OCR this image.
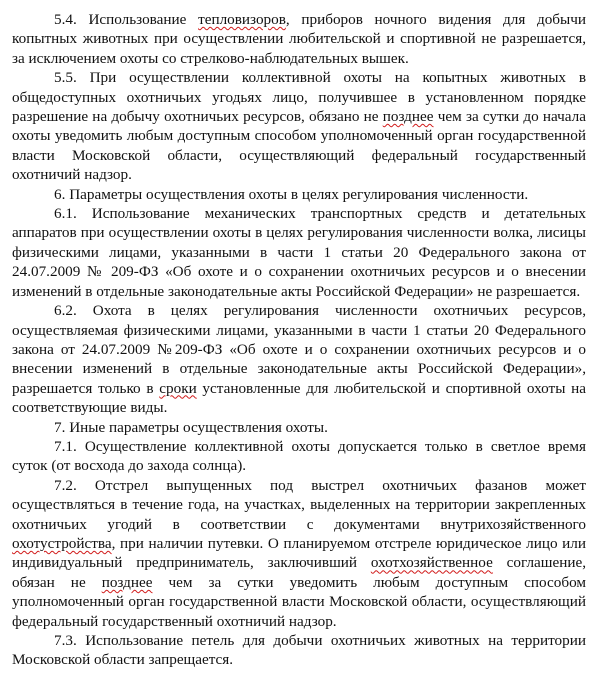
5.4. Использование тепловизоров, приборов ночного видения для добычи копытных животных при осуществлении любительской и спортивной не разрешается, за исключением охоты со стрелково-наблюдательных вышек.

5.5. При осуществлении коллективной охоты на копытных животных в общедоступных охотничьих угодьях лицо, получившее в установленном порядке разрешение на добычу охотничьих ресурсов, обязано не позднее чем за сутки до начала охоты уведомить любым доступным способом уполномоченный орган государственной власти Московской области, осуществляющий федеральный государственный охотничий надзор.

6. Параметры осуществления охоты в целях регулирования численности.

6.1. Использование механических транспортных средств и детательных аппаратов при осуществлении охоты в целях регулирования численности волка, лисицы физическими лицами, указанными в части 1 статьи 20 Федерального закона от 24.07.2009 № 209-ФЗ «Об охоте и о сохранении охотничьих ресурсов и о внесении изменений в отдельные законодательные акты Российской Федерации» не разрешается.

6.2. Охота в целях регулирования численности охотничьих ресурсов, осуществляемая физическими лицами, указанными в части 1 статьи 20 Федерального закона от 24.07.2009 №209-ФЗ «Об охоте и о сохранении охотничьих ресурсов и о внесении изменений в отдельные законодательные акты Российской Федерации», разрешается только в сроки установленные для любительской и спортивной охоты на соответствующие виды.

7. Иные параметры осуществления охоты.

7.1. Осуществление коллективной охоты допускается только в светлое время суток (от восхода до захода солнца).

7.2. Отстрел выпущенных под выстрел охотничьих фазанов может осуществляться в течение года, на участках, выделенных на территории закрепленных охотничьих угодий в соответствии с документами внутрихозяйственного охотустройства, при наличии путевки. О планируемом отстреле юридическое лицо или индивидуальный предприниматель, заключивший охотхозяйственное соглашение, обязан не позднее чем за сутки уведомить любым доступным способом уполномоченный орган государственной власти Московской области, осуществляющий федеральный государственный охотничий надзор.

7.3. Использование петель для добычи охотничьих животных на территории Московской области запрещается.
